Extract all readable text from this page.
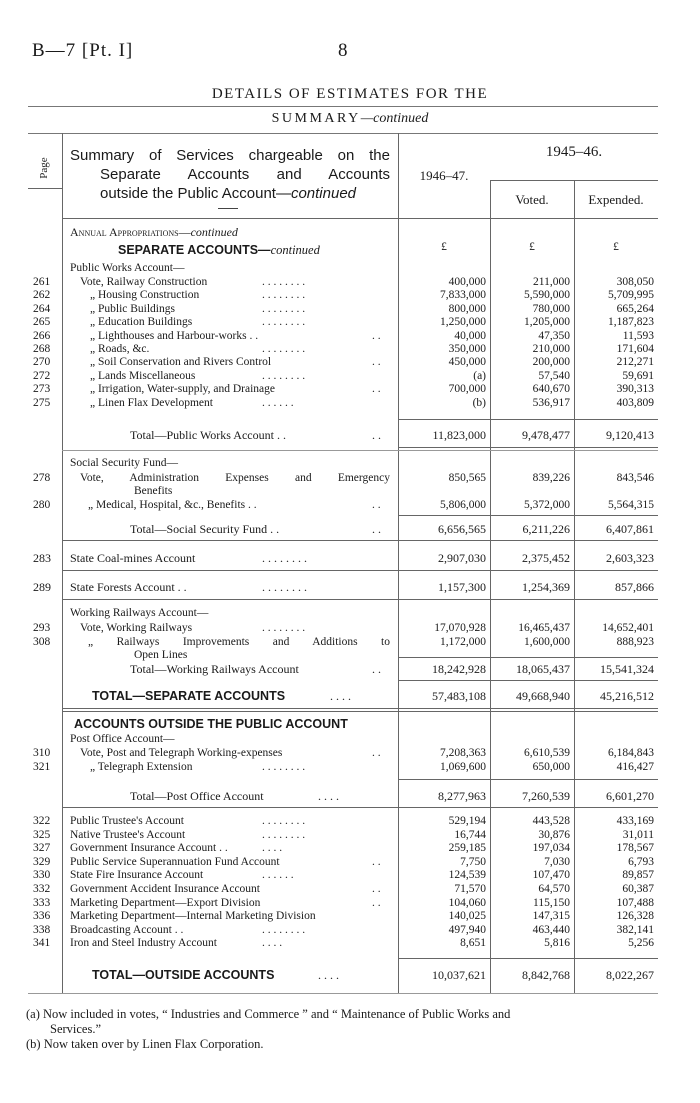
B—7 [Pt. I]	8
DETAILS OF ESTIMATES FOR THE
SUMMARY—continued
Page
Summary of Services chargeable on the
Separate Accounts and Accounts
outside the Public Account—continued
1946–47.
1945–46.
Voted.	Expended.
£	£	£
Annual Appropriations—continued
SEPARATE ACCOUNTS—continued
Public Works Account—
261	Vote, Railway Construction	. . . . . . . .	400,000	211,000	308,050
262	„ Housing Construction	. . . . . . . .	7,833,000	5,590,000	5,709,995
264	„ Public Buildings	. . . . . . . .	800,000	780,000	665,264
265	„ Education Buildings	. . . . . . . .	1,250,000	1,205,000	1,187,823
266	„ Lighthouses and Harbour-works . .	. .	40,000	47,350	11,593
268	„ Roads, &c.	. . . . . . . .	350,000	210,000	171,604
270	„ Soil Conservation and Rivers Control	. .	450,000	200,000	212,271
272	„ Lands Miscellaneous	. . . . . . . .	(a)	57,540	59,691
273	„ Irrigation, Water-supply, and Drainage	. .	700,000	640,670	390,313
275	„ Linen Flax Development	. . . . . .	(b)	536,917	403,809
Total—Public Works Account . .	. .	11,823,000	9,478,477	9,120,413
Social Security Fund—
278	Vote, Administration Expenses and Emergency	850,565	839,226	843,546
Benefits
280	„ Medical, Hospital, &c., Benefits . .	. .	5,806,000	5,372,000	5,564,315
Total—Social Security Fund . .	. .	6,656,565	6,211,226	6,407,861
283	State Coal-mines Account	. . . . . . . .	2,907,030	2,375,452	2,603,323
289	State Forests Account . .	. . . . . . . .	1,157,300	1,254,369	857,866
Working Railways Account—
293	Vote, Working Railways	. . . . . . . .	17,070,928	16,465,437	14,652,401
308	„ Railways Improvements and Additions to	1,172,000	1,600,000	888,923
Open Lines
Total—Working Railways Account	. .	18,242,928	18,065,437	15,541,324
TOTAL—SEPARATE ACCOUNTS	. . . .	57,483,108	49,668,940	45,216,512
ACCOUNTS OUTSIDE THE PUBLIC ACCOUNT
Post Office Account—
310	Vote, Post and Telegraph Working-expenses	. .	7,208,363	6,610,539	6,184,843
321	„ Telegraph Extension	. . . . . . . .	1,069,600	650,000	416,427
Total—Post Office Account	. . . .	8,277,963	7,260,539	6,601,270
322	Public Trustee's Account	. . . . . . . .	529,194	443,528	433,169
325	Native Trustee's Account	. . . . . . . .	16,744	30,876	31,011
327	Government Insurance Account . .	. . . .	259,185	197,034	178,567
329	Public Service Superannuation Fund Account	. .	7,750	7,030	6,793
330	State Fire Insurance Account	. . . . . .	124,539	107,470	89,857
332	Government Accident Insurance Account	. .	71,570	64,570	60,387
333	Marketing Department—Export Division	. .	104,060	115,150	107,488
336	Marketing Department—Internal Marketing Division	140,025	147,315	126,328
338	Broadcasting Account . .	. . . . . . . .	497,940	463,440	382,141
341	Iron and Steel Industry Account	. . . .	8,651	5,816	5,256
TOTAL—OUTSIDE ACCOUNTS	. . . .	10,037,621	8,842,768	8,022,267
(a) Now included in votes, “ Industries and Commerce ” and “ Maintenance of Public Works and
Services.”
(b) Now taken over by Linen Flax Corporation.
